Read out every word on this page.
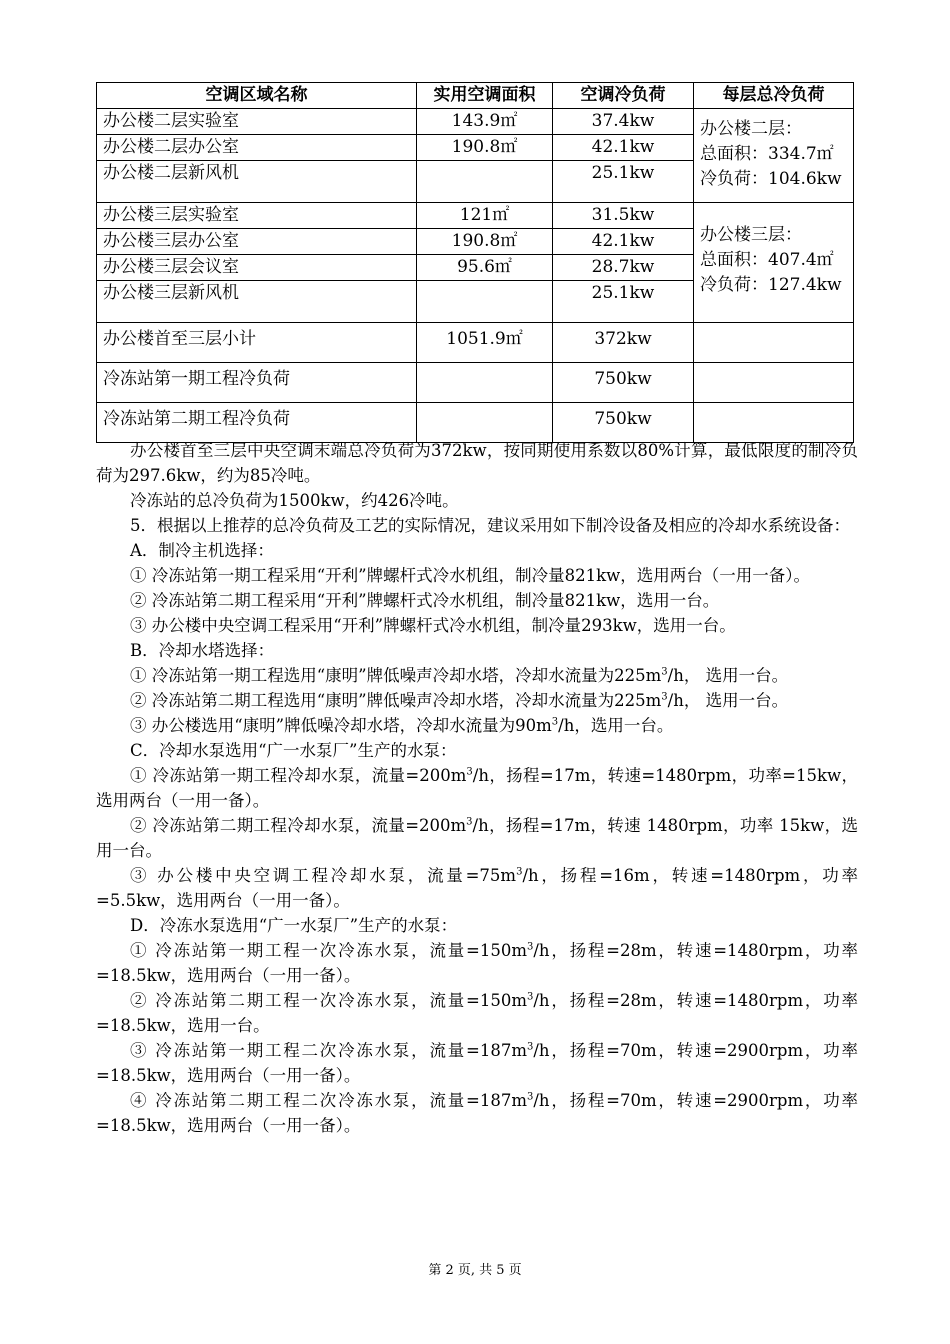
空调区域名称	实用空调面积	空调冷负荷	每层总冷负荷
办公楼二层实验室	143.9㎡	37.4kw	办公楼二层：
总面积：334.7㎡
冷负荷：104.6kw

办公楼二层办公室	190.8㎡	42.1kw	
办公楼二层新风机		25.1kw	
办公楼三层实验室	121㎡	31.5kw	办公楼三层：
总面积：407.4㎡
冷负荷：127.4kw

办公楼三层办公室	190.8㎡	42.1kw	
办公楼三层会议室	95.6㎡	28.7kw	
办公楼三层新风机		25.1kw	
办公楼首至三层小计	1051.9㎡	372kw	
冷冻站第一期工程冷负荷		750kw	
冷冻站第二期工程冷负荷		750kw	

办公楼首至三层中央空调末端总冷负荷为372kw，按同期使用系数以80%计算，最低限度的制冷负荷为297.6kw，约为85冷吨。

冷冻站的总冷负荷为1500kw，约426冷吨。

5．根据以上推荐的总冷负荷及工艺的实际情况，建议采用如下制冷设备及相应的冷却水系统设备：

A．制冷主机选择：

① 冷冻站第一期工程采用“开利”牌螺杆式冷水机组，制冷量821kw，选用两台（一用一备）。

② 冷冻站第二期工程采用“开利”牌螺杆式冷水机组，制冷量821kw，选用一台。

③ 办公楼中央空调工程采用“开利”牌螺杆式冷水机组，制冷量293kw，选用一台。

B．冷却水塔选择：

① 冷冻站第一期工程选用“康明”牌低噪声冷却水塔，冷却水流量为$225m^3/h$， 选用一台。

② 冷冻站第二期工程选用“康明”牌低噪声冷却水塔，冷却水流量为$225m^3/h$， 选用一台。

③ 办公楼选用“康明”牌低噪冷却水塔，冷却水流量为$90m^3/h$，选用一台。

C．冷却水泵选用“广一水泵厂”生产的水泵：

① 冷冻站第一期工程冷却水泵，流量$=200m^3/h$，扬程=17m，转速=1480rpm，功率=15kw，选用两台（一用一备）。

② 冷冻站第二期工程冷却水泵，流量$=200m^3/h$，扬程=17m，转速 1480rpm，功率 15kw，选用一台。

③ 办公楼中央空调工程冷却水泵，流量$=75m^3/h$，扬程=16m，转速=1480rpm，功率=5.5kw，选用两台（一用一备）。

D．冷冻水泵选用“广一水泵厂”生产的水泵：

① 冷冻站第一期工程一次冷冻水泵，流量$=150m^3/h$，扬程=28m，转速=1480rpm，功率=18.5kw，选用两台（一用一备）。

② 冷冻站第二期工程一次冷冻水泵，流量$=150m^3/h$，扬程=28m，转速=1480rpm，功率=18.5kw，选用一台。

③ 冷冻站第一期工程二次冷冻水泵，流量$=187m^3/h$，扬程=70m，转速=2900rpm，功率=18.5kw，选用两台（一用一备）。

④ 冷冻站第二期工程二次冷冻水泵，流量$=187m^3/h$，扬程=70m，转速=2900rpm，功率=18.5kw，选用两台（一用一备）。

第 2 页, 共 5 页
